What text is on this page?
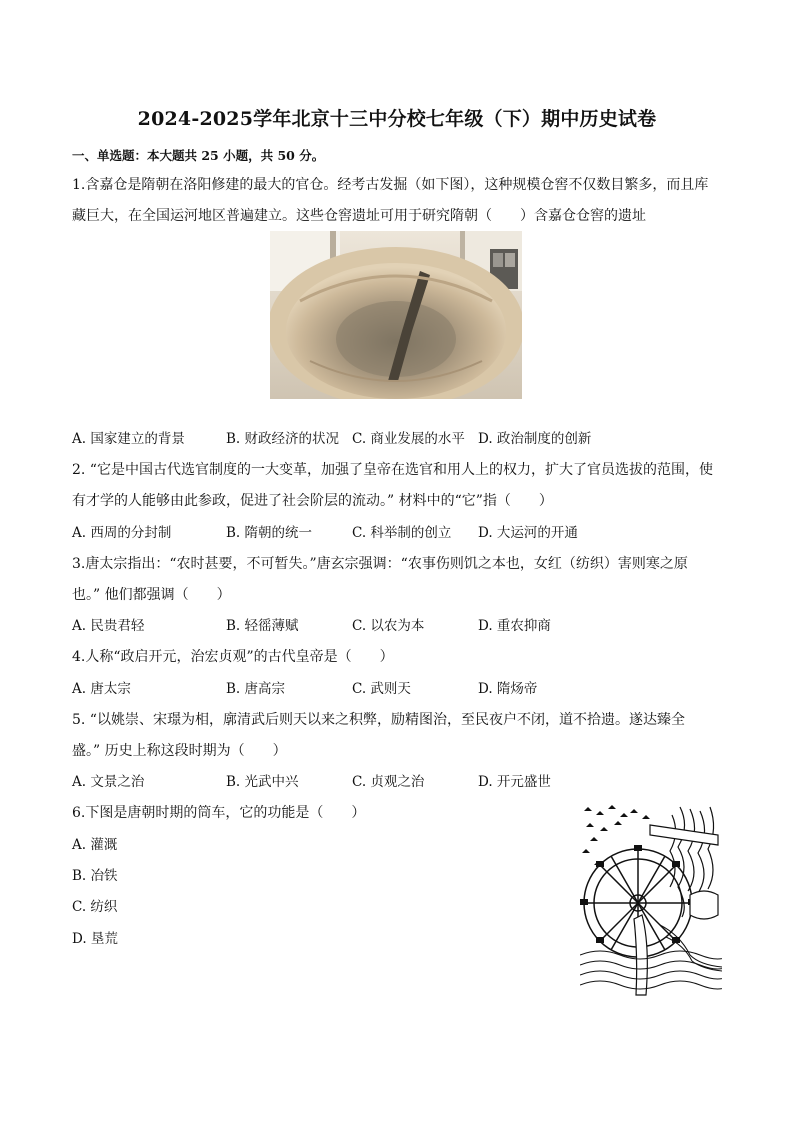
2024-2025学年北京十三中分校七年级（下）期中历史试卷
一、单选题：本大题共 25 小题，共 50 分。
1.含嘉仓是隋朝在洛阳修建的最大的官仓。经考古发掘（如下图），这种规模仓窖不仅数目繁多，而且库
藏巨大，在全国运河地区普遍建立。这些仓窖遗址可用于研究隋朝（　　）含嘉仓仓窖的遗址
A. 国家建立的背景	B. 财政经济的状况 C. 商业发展的水平 D. 政治制度的创新
2. “它是中国古代选官制度的一大变革，加强了皇帝在选官和用人上的权力，扩大了官员选拔的范围，使
有才学的人能够由此参政，促进了社会阶层的流动。” 材料中的“它”指（　　）
A. 西周的分封制	B. 隋朝的统一	C. 科举制的创立 D. 大运河的开通
3.唐太宗指出：“农时甚要，不可暂失。”唐玄宗强调：“农事伤则饥之本也，女红（纺织）害则寒之原
也。” 他们都强调（　　）
A. 民贵君轻	B. 轻徭薄赋	C. 以农为本	D. 重农抑商
4.人称“政启开元，治宏贞观”的古代皇帝是（　　）
A. 唐太宗	B. 唐高宗	C. 武则天	D. 隋炀帝
5. “以姚崇、宋璟为相，廓清武后则天以来之积弊，励精图治，至民夜户不闭，道不拾遗。遂达臻全
盛。” 历史上称这段时期为（　　）
A. 文景之治	B. 光武中兴	C. 贞观之治	D. 开元盛世
6.下图是唐朝时期的筒车，它的功能是（　　）
A. 灌溉
B. 冶铁
C. 纺织
D. 垦荒
